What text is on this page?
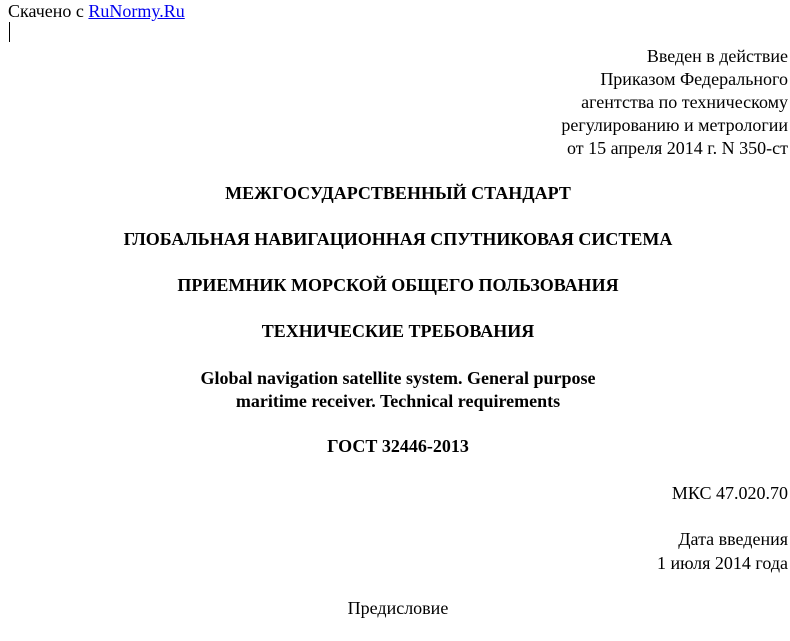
Скачено с RuNormy.Ru
Введен в действие
Приказом Федерального
агентства по техническому
регулированию и метрологии
от 15 апреля 2014 г. N 350-ст
МЕЖГОСУДАРСТВЕННЫЙ СТАНДАРТ
ГЛОБАЛЬНАЯ НАВИГАЦИОННАЯ СПУТНИКОВАЯ СИСТЕМА
ПРИЕМНИК МОРСКОЙ ОБЩЕГО ПОЛЬЗОВАНИЯ
ТЕХНИЧЕСКИЕ ТРЕБОВАНИЯ
Global navigation satellite system. General purpose
maritime receiver. Technical requirements
ГОСТ 32446-2013
МКС 47.020.70
Дата введения
1 июля 2014 года
Предисловие
